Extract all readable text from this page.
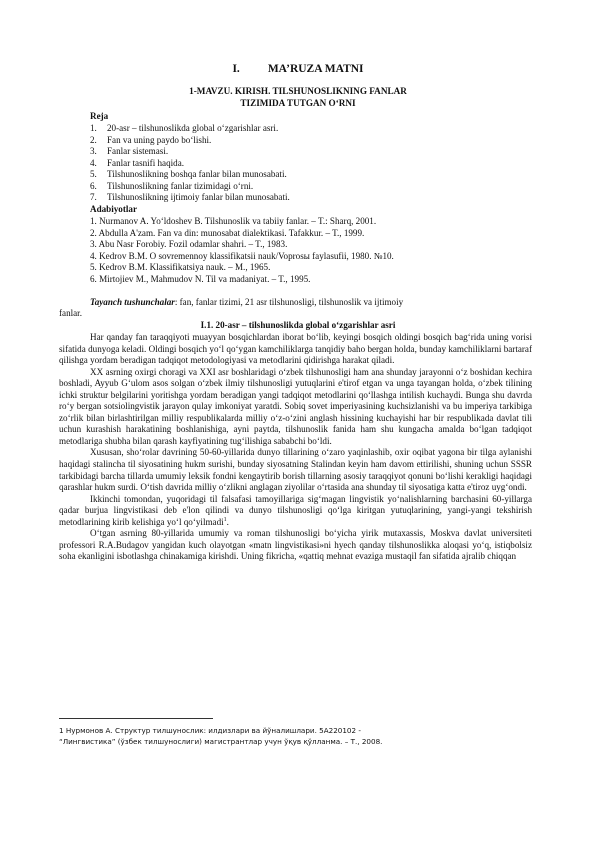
I. MA’RUZA MATNI
1-MAVZU. KIRISH. TILSHUNOSLIKNING FANLAR
TIZIMIDA TUTGAN O‘RNI
Reja
1. 20-asr – tilshunoslikda global o‘zgarishlar asri.
2. Fan va uning paydo bo‘lishi.
3. Fanlar sistemasi.
4. Fanlar tasnifi haqida.
5. Tilshunoslikning boshqa fanlar bilan munosabati.
6. Tilshunoslikning fanlar tizimidagi o‘rni.
7. Tilshunoslikning ijtimoiy fanlar bilan munosabati.
Adabiyotlar
1. Nurmanov A. Yo‘ldoshev B. Tilshunoslik va tabiiy fanlar. – T.: Sharq, 2001.
2. Abdulla A'zam. Fan va din: munosabat dialektikasi. Tafakkur. – T., 1999.
3. Abu Nasr Forobiy. Fozil odamlar shahri. – T., 1983.
4. Kedrov B.M. O sovremennoy klassifikatsii nauk/Voprosы faylasufii, 1980. №10.
5. Kedrov B.M. Klassifikatsiya nauk. – M., 1965.
6. Mirtojiev M., Mahmudov N. Til va madaniyat. – T., 1995.
Tayanch tushunchalar: fan, fanlar tizimi, 21 asr tilshunosligi, tilshunoslik va ijtimoiy
fanlar.
I.1. 20-asr – tilshunoslikda global o‘zgarishlar asri

Har qanday fan taraqqiyoti muayyan bosqichlardan iborat bo‘lib, keyingi bosqich oldingi bosqich bag‘rida uning vorisi sifatida dunyoga keladi. Oldingi bosqich yo‘l qo‘ygan kamchiliklarga tanqidiy baho bergan holda, bunday kamchiliklarni bartaraf qilishga yordam beradigan tadqiqot metodologiyasi va metodlarini qidirishga harakat qiladi.

XX asrning oxirgi choragi va XXI asr boshlaridagi o‘zbek tilshunosligi ham ana shunday jarayonni o‘z boshidan kechira boshladi, Ayyub G‘ulom asos solgan o‘zbek ilmiy tilshunosligi yutuqlarini e'tirof etgan va unga tayangan holda, o‘zbek tilining ichki struktur belgilarini yoritishga yordam beradigan yangi tadqiqot metodlarini qo‘llashga intilish kuchaydi. Bunga shu davrda ro‘y bergan sotsiolingvistik jarayon qulay imkoniyat yaratdi. Sobiq sovet imperiyasining kuchsizlanishi va bu imperiya tarkibiga zo‘rlik bilan birlashtirilgan milliy respublikalarda milliy o‘z-o‘zini anglash hissining kuchayishi har bir respublikada davlat tili uchun kurashish harakatining boshlanishiga, ayni paytda, tilshunoslik fanida ham shu kungacha amalda bo‘lgan tadqiqot metodlariga shubha bilan qarash kayfiyatining tug‘ilishiga sababchi bo‘ldi.

Xususan, sho‘rolar davrining 50-60-yillarida dunyo tillarining o‘zaro yaqinlashib, oxir oqibat yagona bir tilga aylanishi haqidagi stalincha til siyosatining hukm surishi, bunday siyosatning Stalindan keyin ham davom ettirilishi, shuning uchun SSSR tarkibidagi barcha tillarda umumiy leksik fondni kengaytirib borish tillarning asosiy taraqqiyot qonuni bo‘lishi kerakligi haqidagi qarashlar hukm surdi. O‘tish davrida milliy o‘zlikni anglagan ziyolilar o‘rtasida ana shunday til siyosatiga katta e'tiroz uyg‘ondi.

Ikkinchi tomondan, yuqoridagi til falsafasi tamoyillariga sig‘magan lingvistik yo‘nalishlarning barchasini 60-yillarga qadar burjua lingvistikasi deb e'lon qilindi va dunyo tilshunosligi qo‘lga kiritgan yutuqlarining, yangi-yangi tekshirish metodlarining kirib kelishiga yo‘l qo‘yilmadi$^1$.

O‘tgan asrning 80-yillarida umumiy va roman tilshunosligi bo‘yicha yirik mutaxassis, Moskva davlat universiteti professori R.A.Budagov yangidan kuch olayotgan «matn lingvistikasi»ni hyech qanday tilshunoslikka aloqasi yo‘q, istiqbolsiz soha ekanligini isbotlashga chinakamiga kirishdi. Uning fikricha, «qattiq mehnat evaziga mustaqil fan sifatida ajralib chiqqan

1 Нурмонов А. Структур тилшунослик: илдизлари ва йўналишлари. 5A220102 -
“Лингвистика” (ўзбек тилшунослиги) магистрантлар учун ўқув қўлланма. – Т., 2008.
